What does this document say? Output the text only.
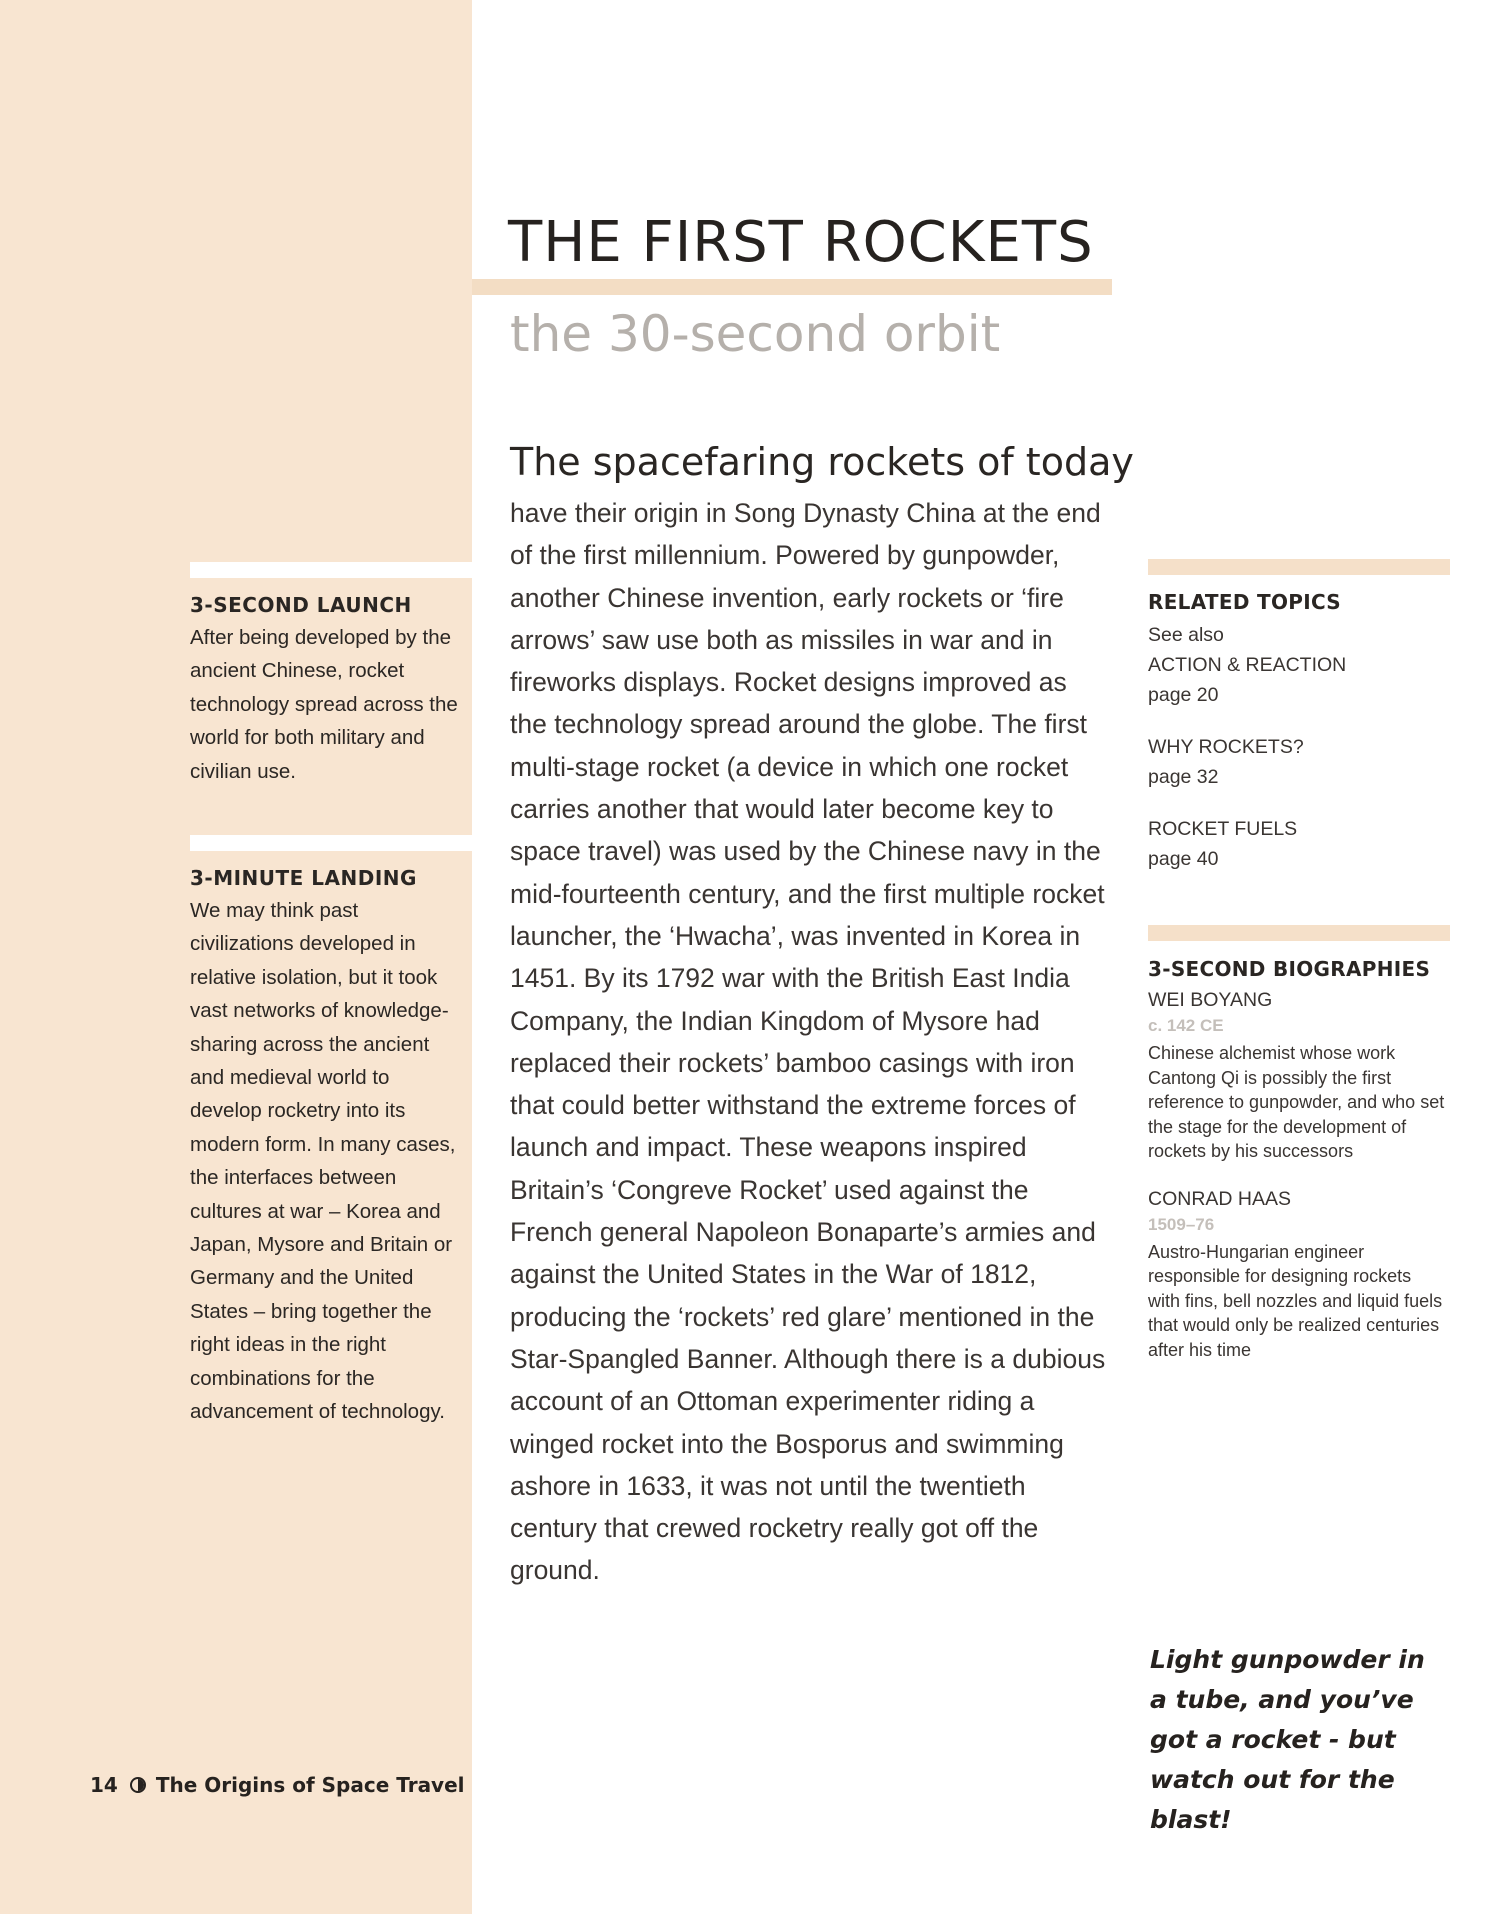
3-SECOND LAUNCH

After being developed by the ancient Chinese, rocket technology spread across the world for both military and civilian use.

3-MINUTE LANDING

We may think past civilizations developed in relative isolation, but it took vast networks of knowledge-sharing across the ancient and medieval world to develop rocketry into its modern form. In many cases, the interfaces between cultures at war – Korea and Japan, Mysore and Britain or Germany and the United States – bring together the right ideas in the right combinations for the advancement of technology.

THE FIRST ROCKETS
the 30-second orbit

The spacefaring rockets of today

have their origin in Song Dynasty China at the end of the first millennium. Powered by gunpowder, another Chinese invention, early rockets or ‘fire arrows’ saw use both as missiles in war and in fireworks displays. Rocket designs improved as the technology spread around the globe. The first multi-stage rocket (a device in which one rocket carries another that would later become key to space travel) was used by the Chinese navy in the mid-fourteenth century, and the first multiple rocket launcher, the ‘Hwacha’, was invented in Korea in 1451. By its 1792 war with the British East India Company, the Indian Kingdom of Mysore had replaced their rockets’ bamboo casings with iron that could better withstand the extreme forces of launch and impact. These weapons inspired Britain’s ‘Congreve Rocket’ used against the French general Napoleon Bonaparte’s armies and against the United States in the War of 1812, producing the ‘rockets’ red glare’ mentioned in the Star-Spangled Banner. Although there is a dubious account of an Ottoman experimenter riding a winged rocket into the Bosporus and swimming ashore in 1633, it was not until the twentieth century that crewed rocketry really got off the ground.

RELATED TOPICS

See also

ACTION & REACTION

page 20

WHY ROCKETS?

page 32

ROCKET FUELS

page 40

3-SECOND BIOGRAPHIES

WEI BOYANG

c. 142 CE

Chinese alchemist whose work Cantong Qi is possibly the first reference to gunpowder, and who set the stage for the development of rockets by his successors

CONRAD HAAS

1509–76

Austro-Hungarian engineer responsible for designing rockets with fins, bell nozzles and liquid fuels that would only be realized centuries after his time

Light gunpowder in a tube, and you’ve got a rocket - but watch out for the blast!

14 The Origins of Space Travel
